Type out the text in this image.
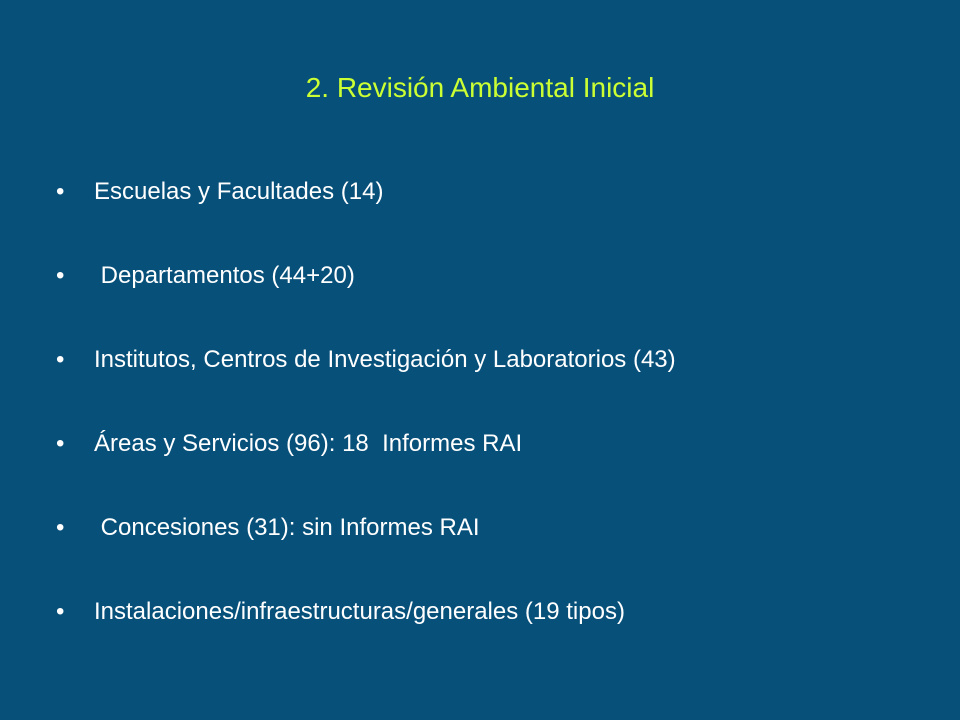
2. Revisión Ambiental Inicial
•	Escuelas y Facultades (14)
•	Departamentos (44+20)
•	Institutos, Centros de Investigación y Laboratorios (43)
•	Áreas y Servicios (96): 18  Informes RAI
•	Concesiones (31): sin Informes RAI
•	Instalaciones/infraestructuras/generales (19 tipos)
